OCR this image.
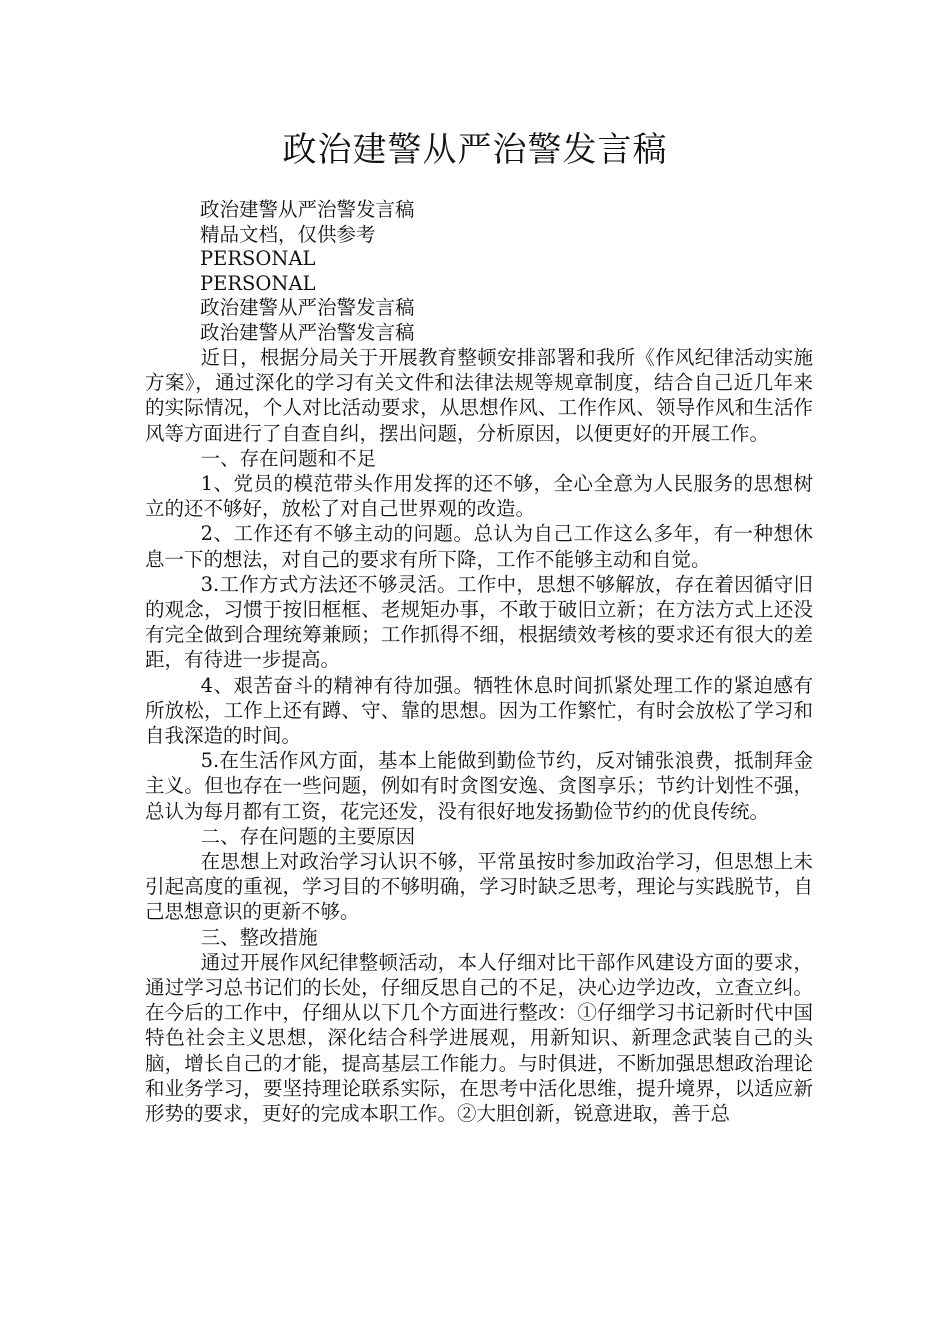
政治建警从严治警发言稿
政治建警从严治警发言稿
精品文档，仅供参考
PERSONAL
PERSONAL
政治建警从严治警发言稿
政治建警从严治警发言稿

近日，根据分局关于开展教育整顿安排部署和我所《作风纪律活动实施方案》，通过深化的学习有关文件和法律法规等规章制度，结合自己近几年来的实际情况，个人对比活动要求，从思想作风、工作作风、领导作风和生活作风等方面进行了自查自纠，摆出问题，分析原因，以便更好的开展工作。

一、存在问题和不足

1、党员的模范带头作用发挥的还不够，全心全意为人民服务的思想树立的还不够好，放松了对自己世界观的改造。

2、工作还有不够主动的问题。总认为自己工作这么多年，有一种想休息一下的想法，对自己的要求有所下降，工作不能够主动和自觉。

3.工作方式方法还不够灵活。工作中，思想不够解放，存在着因循守旧的观念，习惯于按旧框框、老规矩办事，不敢于破旧立新；在方法方式上还没有完全做到合理统筹兼顾；工作抓得不细，根据绩效考核的要求还有很大的差距，有待进一步提高。

4、艰苦奋斗的精神有待加强。牺牲休息时间抓紧处理工作的紧迫感有所放松，工作上还有蹲、守、靠的思想。因为工作繁忙，有时会放松了学习和自我深造的时间。

5.在生活作风方面，基本上能做到勤俭节约，反对铺张浪费，抵制拜金主义。但也存在一些问题，例如有时贪图安逸、贪图享乐；节约计划性不强，总认为每月都有工资，花完还发，没有很好地发扬勤俭节约的优良传统。

二、存在问题的主要原因

在思想上对政治学习认识不够，平常虽按时参加政治学习，但思想上未引起高度的重视，学习目的不够明确，学习时缺乏思考，理论与实践脱节，自己思想意识的更新不够。

三、整改措施

通过开展作风纪律整顿活动，本人仔细对比干部作风建设方面的要求，通过学习总书记们的长处，仔细反思自己的不足，决心边学边改，立查立纠。在今后的工作中，仔细从以下几个方面进行整改：①仔细学习书记新时代中国特色社会主义思想，深化结合科学进展观，用新知识、新理念武装自己的头脑，增长自己的才能，提高基层工作能力。与时俱进，不断加强思想政治理论和业务学习，要坚持理论联系实际，在思考中活化思维，提升境界，以适应新形势的要求，更好的完成本职工作。②大胆创新，锐意进取，善于总
